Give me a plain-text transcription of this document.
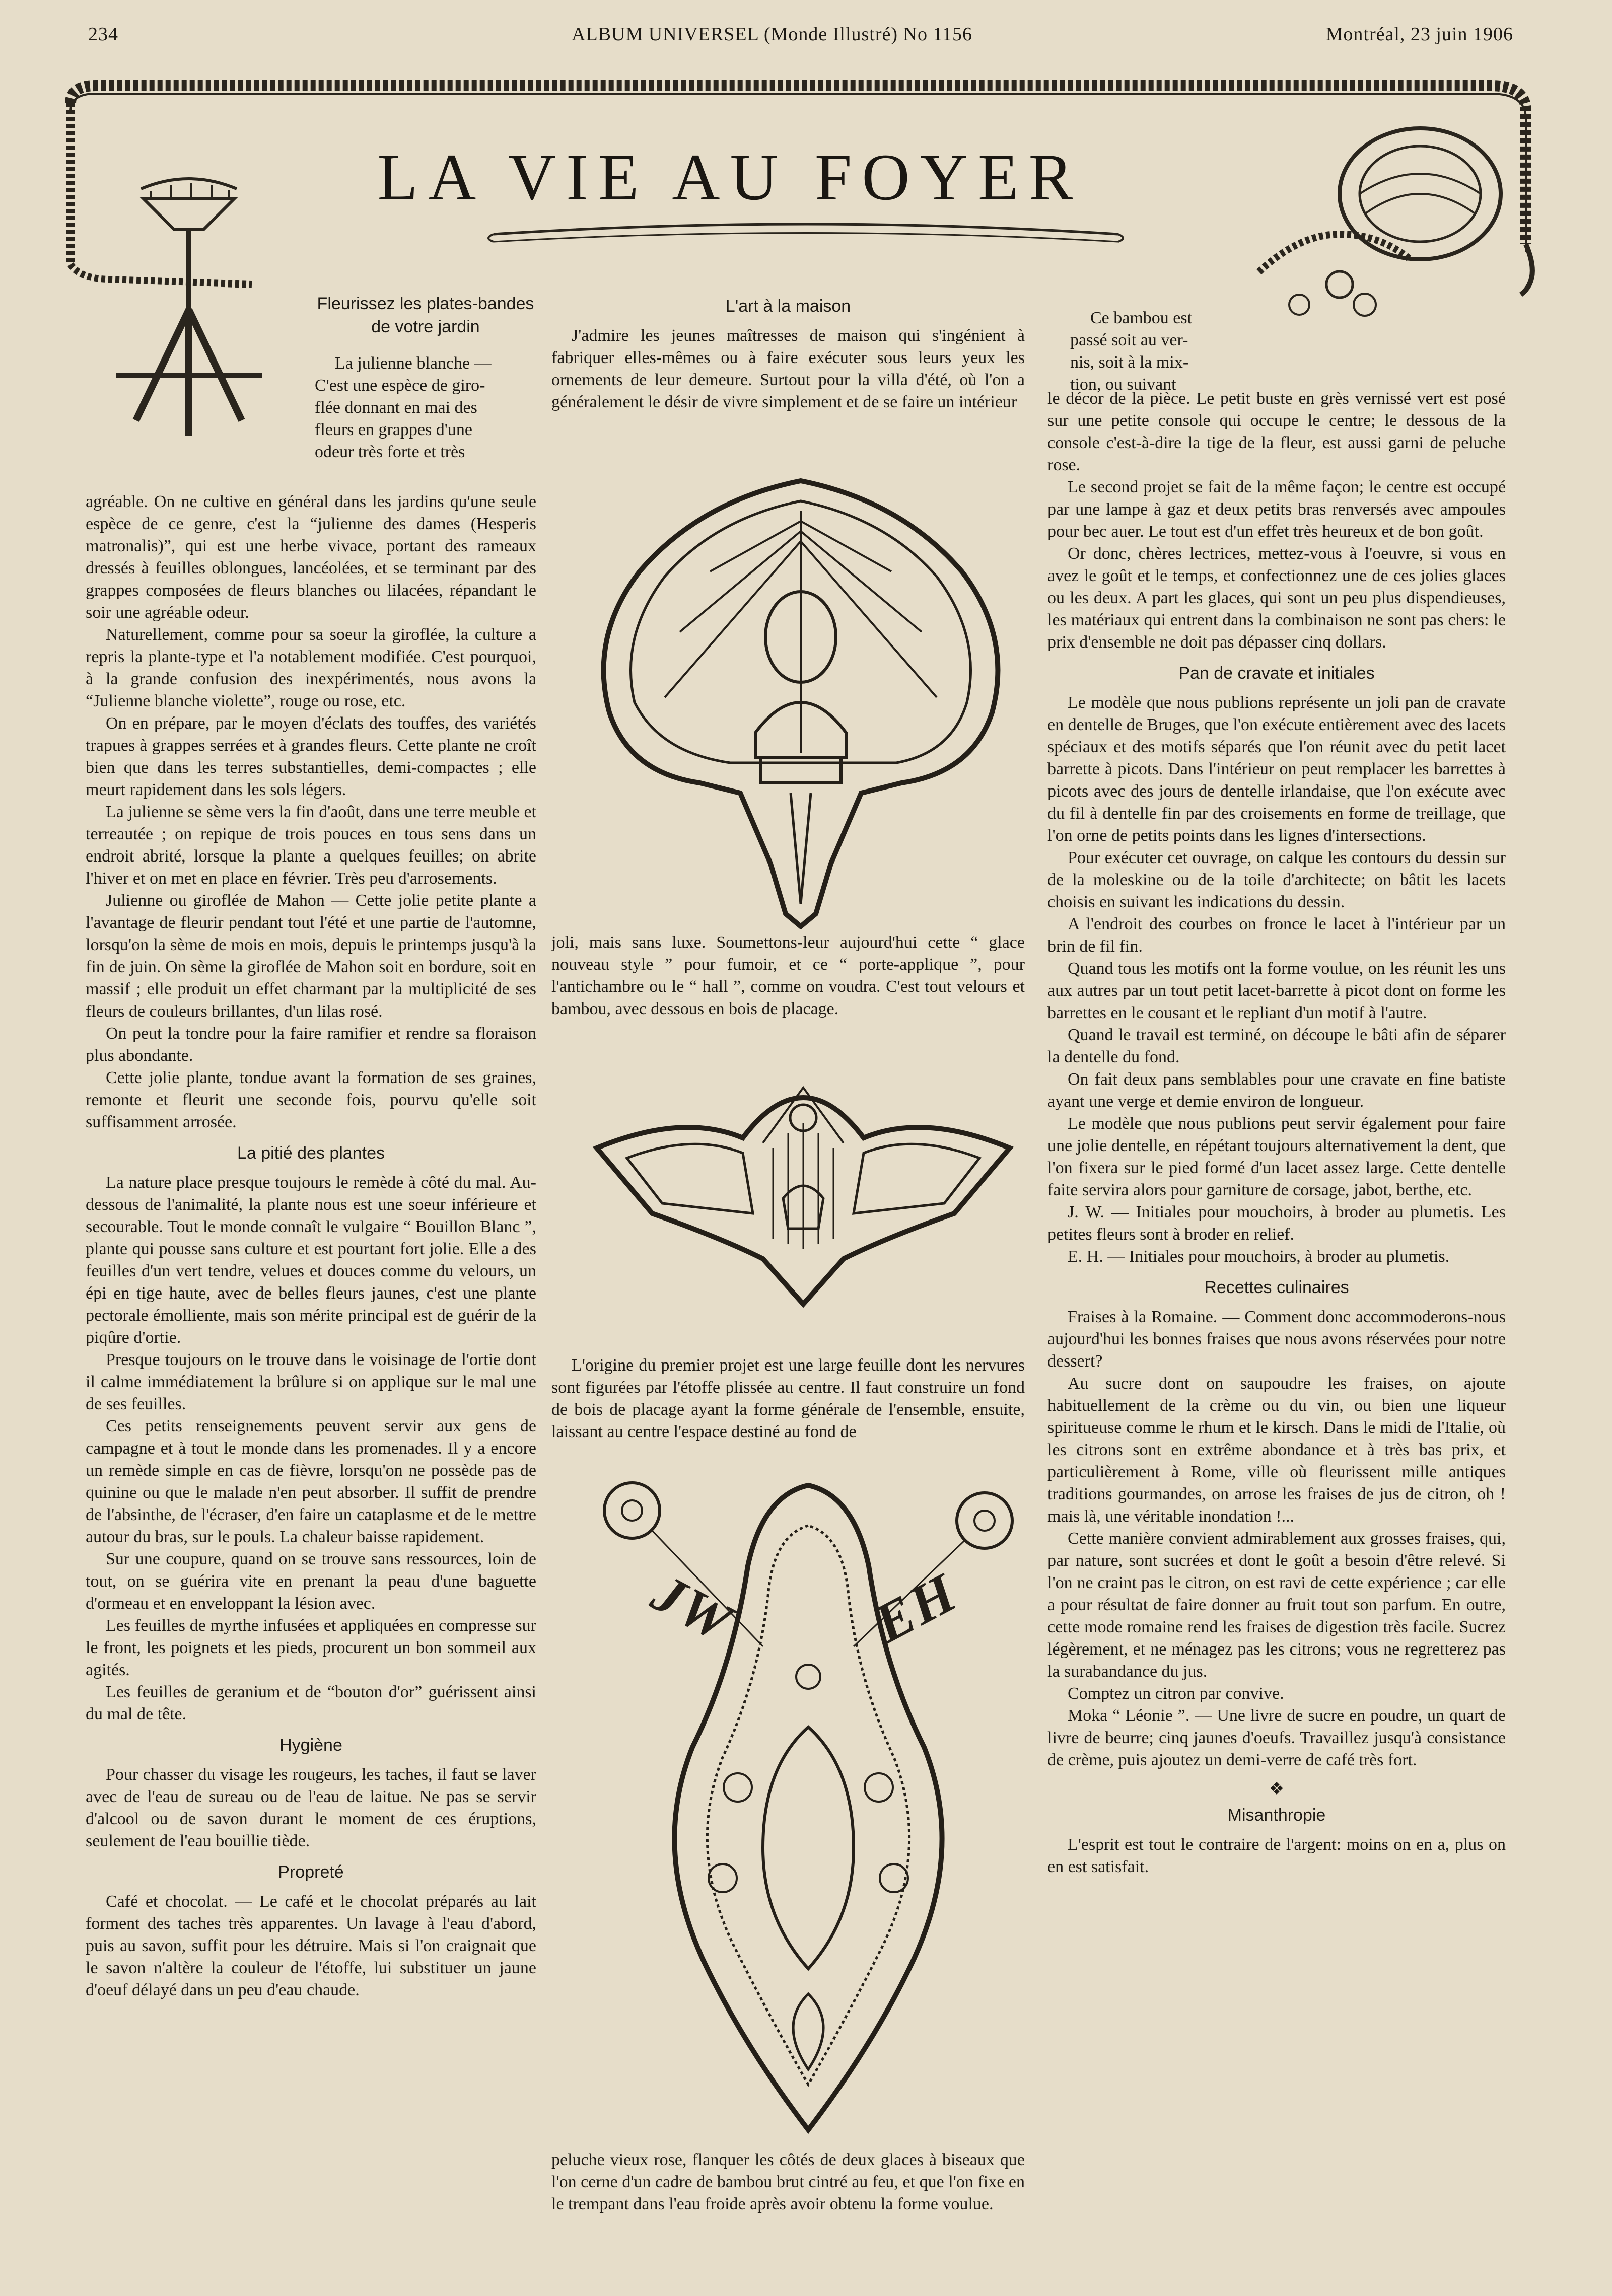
234	ALBUM UNIVERSEL (Monde Illustré) No 1156	Montréal, 23 juin 1906
LA VIE AU FOYER
Fleurissez les plates-bandes de votre jardin
La julienne blanche —
C'est une espèce de giro-
flée donnant en mai des
fleurs en grappes d'une
odeur très forte et très

agréable. On ne cultive en général dans les jardins qu'une seule espèce de ce genre, c'est la “julienne des dames (Hesperis matronalis)”, qui est une herbe vivace, portant des rameaux dressés à feuilles oblongues, lancéolées, et se terminant par des grappes composées de fleurs blanches ou lilacées, répandant le soir une agréable odeur.

Naturellement, comme pour sa soeur la giroflée, la culture a repris la plante-type et l'a notablement modifiée. C'est pourquoi, à la grande confusion des inexpérimentés, nous avons la “Julienne blanche violette”, rouge ou rose, etc.

On en prépare, par le moyen d'éclats des touffes, des variétés trapues à grappes serrées et à grandes fleurs. Cette plante ne croît bien que dans les terres substantielles, demi-compactes ; elle meurt rapidement dans les sols légers.

La julienne se sème vers la fin d'août, dans une terre meuble et terreautée ; on repique de trois pouces en tous sens dans un endroit abrité, lorsque la plante a quelques feuilles; on abrite l'hiver et on met en place en février. Très peu d'arrosements.

Julienne ou giroflée de Mahon — Cette jolie petite plante a l'avantage de fleurir pendant tout l'été et une partie de l'automne, lorsqu'on la sème de mois en mois, depuis le printemps jusqu'à la fin de juin. On sème la giroflée de Mahon soit en bordure, soit en massif ; elle produit un effet charmant par la multiplicité de ses fleurs de couleurs brillantes, d'un lilas rosé.

On peut la tondre pour la faire ramifier et rendre sa floraison plus abondante.

Cette jolie plante, tondue avant la formation de ses graines, remonte et fleurit une seconde fois, pourvu qu'elle soit suffisamment arrosée.

La pitié des plantes

La nature place presque toujours le remède à côté du mal. Au-dessous de l'animalité, la plante nous est une soeur inférieure et secourable. Tout le monde connaît le vulgaire “ Bouillon Blanc ”, plante qui pousse sans culture et est pourtant fort jolie. Elle a des feuilles d'un vert tendre, velues et douces comme du velours, un épi en tige haute, avec de belles fleurs jaunes, c'est une plante pectorale émolliente, mais son mérite principal est de guérir de la piqûre d'ortie.

Presque toujours on le trouve dans le voisinage de l'ortie dont il calme immédiatement la brûlure si on applique sur le mal une de ses feuilles.

Ces petits renseignements peuvent servir aux gens de campagne et à tout le monde dans les promenades. Il y a encore un remède simple en cas de fièvre, lorsqu'on ne possède pas de quinine ou que le malade n'en peut absorber. Il suffit de prendre de l'absinthe, de l'écraser, d'en faire un cataplasme et de le mettre autour du bras, sur le pouls. La chaleur baisse rapidement.

Sur une coupure, quand on se trouve sans ressources, loin de tout, on se guérira vite en prenant la peau d'une baguette d'ormeau et en enveloppant la lésion avec.

Les feuilles de myrthe infusées et appliquées en compresse sur le front, les poignets et les pieds, procurent un bon sommeil aux agités.

Les feuilles de geranium et de “bouton d'or” guérissent ainsi du mal de tête.

Hygiène

Pour chasser du visage les rougeurs, les taches, il faut se laver avec de l'eau de sureau ou de l'eau de laitue. Ne pas se servir d'alcool ou de savon durant le moment de ces éruptions, seulement de l'eau bouillie tiède.

Propreté

Café et chocolat. — Le café et le chocolat préparés au lait forment des taches très apparentes. Un lavage à l'eau d'abord, puis au savon, suffit pour les détruire. Mais si l'on craignait que le savon n'altère la couleur de l'étoffe, lui substituer un jaune d'oeuf délayé dans un peu d'eau chaude.

L'art à la maison

J'admire les jeunes maîtresses de maison qui s'ingénient à fabriquer elles-mêmes ou à faire exécuter sous leurs yeux les ornements de leur demeure. Surtout pour la villa d'été, où l'on a généralement le désir de vivre simplement et de se faire un intérieur

joli, mais sans luxe. Soumettons-leur aujourd'hui cette “ glace nouveau style ” pour fumoir, et ce “ porte-applique ”, pour l'antichambre ou le “ hall ”, comme on voudra. C'est tout velours et bambou, avec dessous en bois de placage.

L'origine du premier projet est une large feuille dont les nervures sont figurées par l'étoffe plissée au centre. Il faut construire un fond de bois de placage ayant la forme générale de l'ensemble, ensuite, laissant au centre l'espace destiné au fond de

JW EH

peluche vieux rose, flanquer les côtés de deux glaces à biseaux que l'on cerne d'un cadre de bambou brut cintré au feu, et que l'on fixe en le trempant dans l'eau froide après avoir obtenu la forme voulue.

Ce bambou est
passé soit au ver-
nis, soit à la mix-
tion, ou suivant

le décor de la pièce. Le petit buste en grès vernissé vert est posé sur une petite console qui occupe le centre; le dessous de la console c'est-à-dire la tige de la fleur, est aussi garni de peluche rose.

Le second projet se fait de la même façon; le centre est occupé par une lampe à gaz et deux petits bras renversés avec ampoules pour bec auer. Le tout est d'un effet très heureux et de bon goût.

Or donc, chères lectrices, mettez-vous à l'oeuvre, si vous en avez le goût et le temps, et confectionnez une de ces jolies glaces ou les deux. A part les glaces, qui sont un peu plus dispendieuses, les matériaux qui entrent dans la combinaison ne sont pas chers: le prix d'ensemble ne doit pas dépasser cinq dollars.

Pan de cravate et initiales

Le modèle que nous publions représente un joli pan de cravate en dentelle de Bruges, que l'on exécute entièrement avec des lacets spéciaux et des motifs séparés que l'on réunit avec du petit lacet barrette à picots. Dans l'intérieur on peut remplacer les barrettes à picots avec des jours de dentelle irlandaise, que l'on exécute avec du fil à dentelle fin par des croisements en forme de treillage, que l'on orne de petits points dans les lignes d'intersections.

Pour exécuter cet ouvrage, on calque les contours du dessin sur de la moleskine ou de la toile d'architecte; on bâtit les lacets choisis en suivant les indications du dessin.

A l'endroit des courbes on fronce le lacet à l'intérieur par un brin de fil fin.

Quand tous les motifs ont la forme voulue, on les réunit les uns aux autres par un tout petit lacet-barrette à picot dont on forme les barrettes en le cousant et le repliant d'un motif à l'autre.

Quand le travail est terminé, on découpe le bâti afin de séparer la dentelle du fond.

On fait deux pans semblables pour une cravate en fine batiste ayant une verge et demie environ de longueur.

Le modèle que nous publions peut servir également pour faire une jolie dentelle, en répétant toujours alternativement la dent, que l'on fixera sur le pied formé d'un lacet assez large. Cette dentelle faite servira alors pour garniture de corsage, jabot, berthe, etc.

J. W. — Initiales pour mouchoirs, à broder au plumetis. Les petites fleurs sont à broder en relief.

E. H. — Initiales pour mouchoirs, à broder au plumetis.

Recettes culinaires

Fraises à la Romaine. — Comment donc accommoderons-nous aujourd'hui les bonnes fraises que nous avons réservées pour notre dessert?

Au sucre dont on saupoudre les fraises, on ajoute habituellement de la crème ou du vin, ou bien une liqueur spiritueuse comme le rhum et le kirsch. Dans le midi de l'Italie, où les citrons sont en extrême abondance et à très bas prix, et particulièrement à Rome, ville où fleurissent mille antiques traditions gourmandes, on arrose les fraises de jus de citron, oh ! mais là, une véritable inondation !...

Cette manière convient admirablement aux grosses fraises, qui, par nature, sont sucrées et dont le goût a besoin d'être relevé. Si l'on ne craint pas le citron, on est ravi de cette expérience ; car elle a pour résultat de faire donner au fruit tout son parfum. En outre, cette mode romaine rend les fraises de digestion très facile. Sucrez légèrement, et ne ménagez pas les citrons; vous ne regretterez pas la surabandance du jus.

Comptez un citron par convive.

Moka “ Léonie ”. — Une livre de sucre en poudre, un quart de livre de beurre; cinq jaunes d'oeufs. Travaillez jusqu'à consistance de crème, puis ajoutez un demi-verre de café très fort.

❖
Misanthropie

L'esprit est tout le contraire de l'argent: moins on en a, plus on en est satisfait.
